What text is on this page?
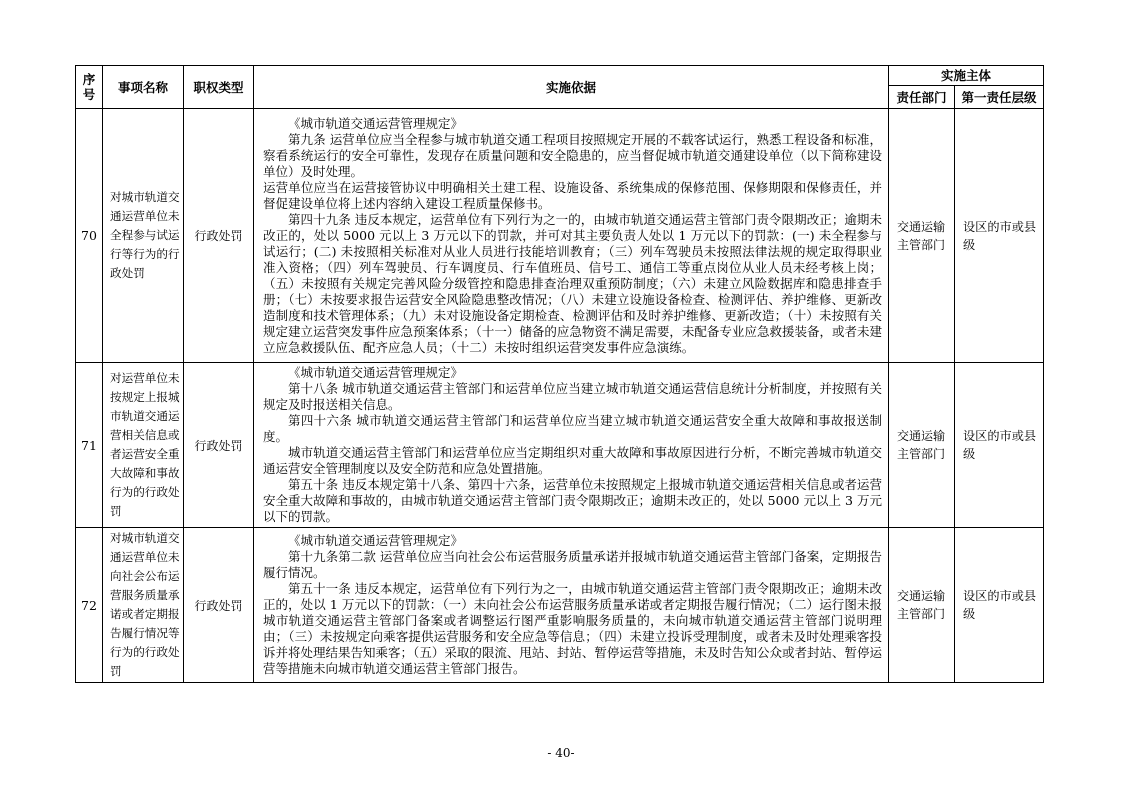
序号	事项名称	职权类型	实施依据	实施主体	
				责任部门	第一责任层级
70	对城市轨道交通运营单位未全程参与试运行等行为的行政处罚	行政处罚	《城市轨道交通运营管理规定》

第九条 运营单位应当全程参与城市轨道交通工程项目按照规定开展的不载客试运行，熟悉工程设备和标准，察看系统运行的安全可靠性，发现存在质量问题和安全隐患的，应当督促城市轨道交通建设单位（以下简称建设单位）及时处理。

运营单位应当在运营接管协议中明确相关土建工程、设施设备、系统集成的保修范围、保修期限和保修责任，并督促建设单位将上述内容纳入建设工程质量保修书。

第四十九条 违反本规定，运营单位有下列行为之一的，由城市轨道交通运营主管部门责令限期改正；逾期未改正的，处以 5000 元以上 3 万元以下的罚款，并可对其主要负责人处以 1 万元以下的罚款：(一) 未全程参与试运行；(二) 未按照相关标准对从业人员进行技能培训教育；（三）列车驾驶员未按照法律法规的规定取得职业准入资格；（四）列车驾驶员、行车调度员、行车值班员、信号工、通信工等重点岗位从业人员未经考核上岗；（五）未按照有关规定完善风险分级管控和隐患排查治理双重预防制度；（六）未建立风险数据库和隐患排查手册；（七）未按要求报告运营安全风险隐患整改情况；（八）未建立设施设备检查、检测评估、养护维修、更新改造制度和技术管理体系；（九）未对设施设备定期检查、检测评估和及时养护维修、更新改造；（十）未按照有关规定建立运营突发事件应急预案体系；（十一）储备的应急物资不满足需要，未配备专业应急救援装备，或者未建立应急救援队伍、配齐应急人员；（十二）未按时组织运营突发事件应急演练。	交通运输主管部门	设区的市或县级
71	对运营单位未按规定上报城市轨道交通运营相关信息或者运营安全重大故障和事故行为的行政处罚	行政处罚	《城市轨道交通运营管理规定》

第十八条 城市轨道交通运营主管部门和运营单位应当建立城市轨道交通运营信息统计分析制度，并按照有关规定及时报送相关信息。

第四十六条 城市轨道交通运营主管部门和运营单位应当建立城市轨道交通运营安全重大故障和事故报送制度。

城市轨道交通运营主管部门和运营单位应当定期组织对重大故障和事故原因进行分析，不断完善城市轨道交通运营安全管理制度以及安全防范和应急处置措施。

第五十条 违反本规定第十八条、第四十六条，运营单位未按照规定上报城市轨道交通运营相关信息或者运营安全重大故障和事故的，由城市轨道交通运营主管部门责令限期改正；逾期未改正的，处以 5000 元以上 3 万元以下的罚款。	交通运输主管部门	设区的市或县级
72	对城市轨道交通运营单位未向社会公布运营服务质量承诺或者定期报告履行情况等行为的行政处罚	行政处罚	《城市轨道交通运营管理规定》

第十九条第二款 运营单位应当向社会公布运营服务质量承诺并报城市轨道交通运营主管部门备案，定期报告履行情况。

第五十一条 违反本规定，运营单位有下列行为之一，由城市轨道交通运营主管部门责令限期改正；逾期未改正的，处以 1 万元以下的罚款：（一）未向社会公布运营服务质量承诺或者定期报告履行情况；（二）运行图未报城市轨道交通运营主管部门备案或者调整运行图严重影响服务质量的，未向城市轨道交通运营主管部门说明理由；（三）未按规定向乘客提供运营服务和安全应急等信息；（四）未建立投诉受理制度，或者未及时处理乘客投诉并将处理结果告知乘客；（五）采取的限流、甩站、封站、暂停运营等措施，未及时告知公众或者封站、暂停运营等措施未向城市轨道交通运营主管部门报告。	交通运输主管部门	设区的市或县级
- 40-
